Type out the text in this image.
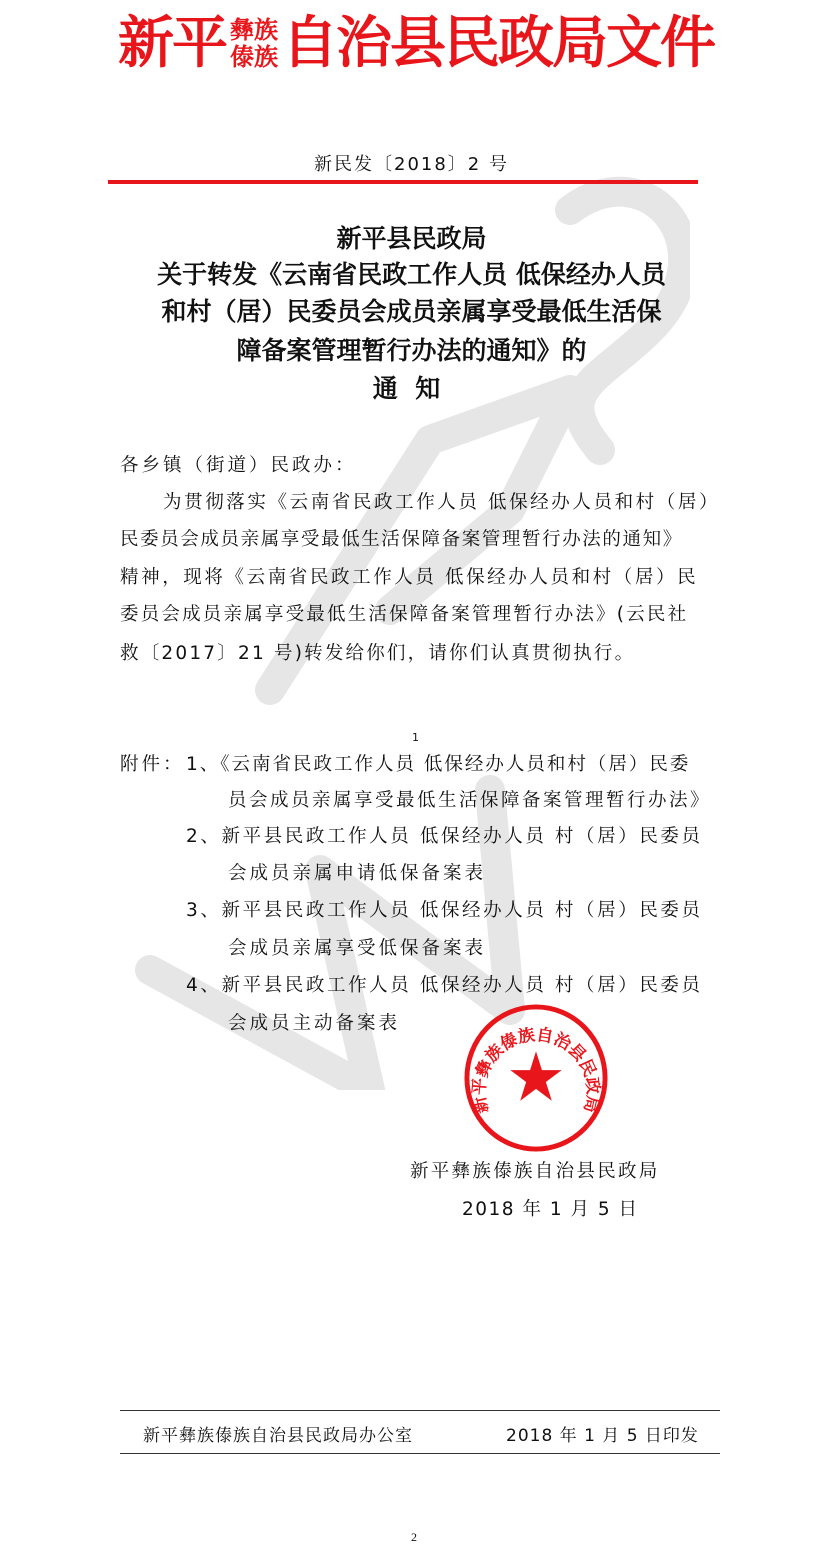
新平 彝族
傣族 自治县民政局文件
新民发〔2018〕2 号
新平县民政局
关于转发《云南省民政工作人员 低保经办人员
和村（居）民委员会成员亲属享受最低生活保
障备案管理暂行办法的通知》的
通  知
各乡镇（街道）民政办：
为贯彻落实《云南省民政工作人员 低保经办人员和村（居）
民委员会成员亲属享受最低生活保障备案管理暂行办法的通知》
精神，现将《云南省民政工作人员 低保经办人员和村（居）民
委员会成员亲属享受最低生活保障备案管理暂行办法》(云民社
救〔2017〕21 号)转发给你们，请你们认真贯彻执行。
1
附件： 1、《云南省民政工作人员 低保经办人员和村（居）民委
员会成员亲属享受最低生活保障备案管理暂行办法》
2、新平县民政工作人员 低保经办人员 村（居）民委员
会成员亲属申请低保备案表
3、新平县民政工作人员 低保经办人员 村（居）民委员
会成员亲属享受低保备案表
4、新平县民政工作人员 低保经办人员 村（居）民委员
会成员主动备案表
新平彝族傣族自治县民政局
新平彝族傣族自治县民政局
2018 年 1 月 5 日
新平彝族傣族自治县民政局办公室	2018 年 1 月 5 日印发
2
